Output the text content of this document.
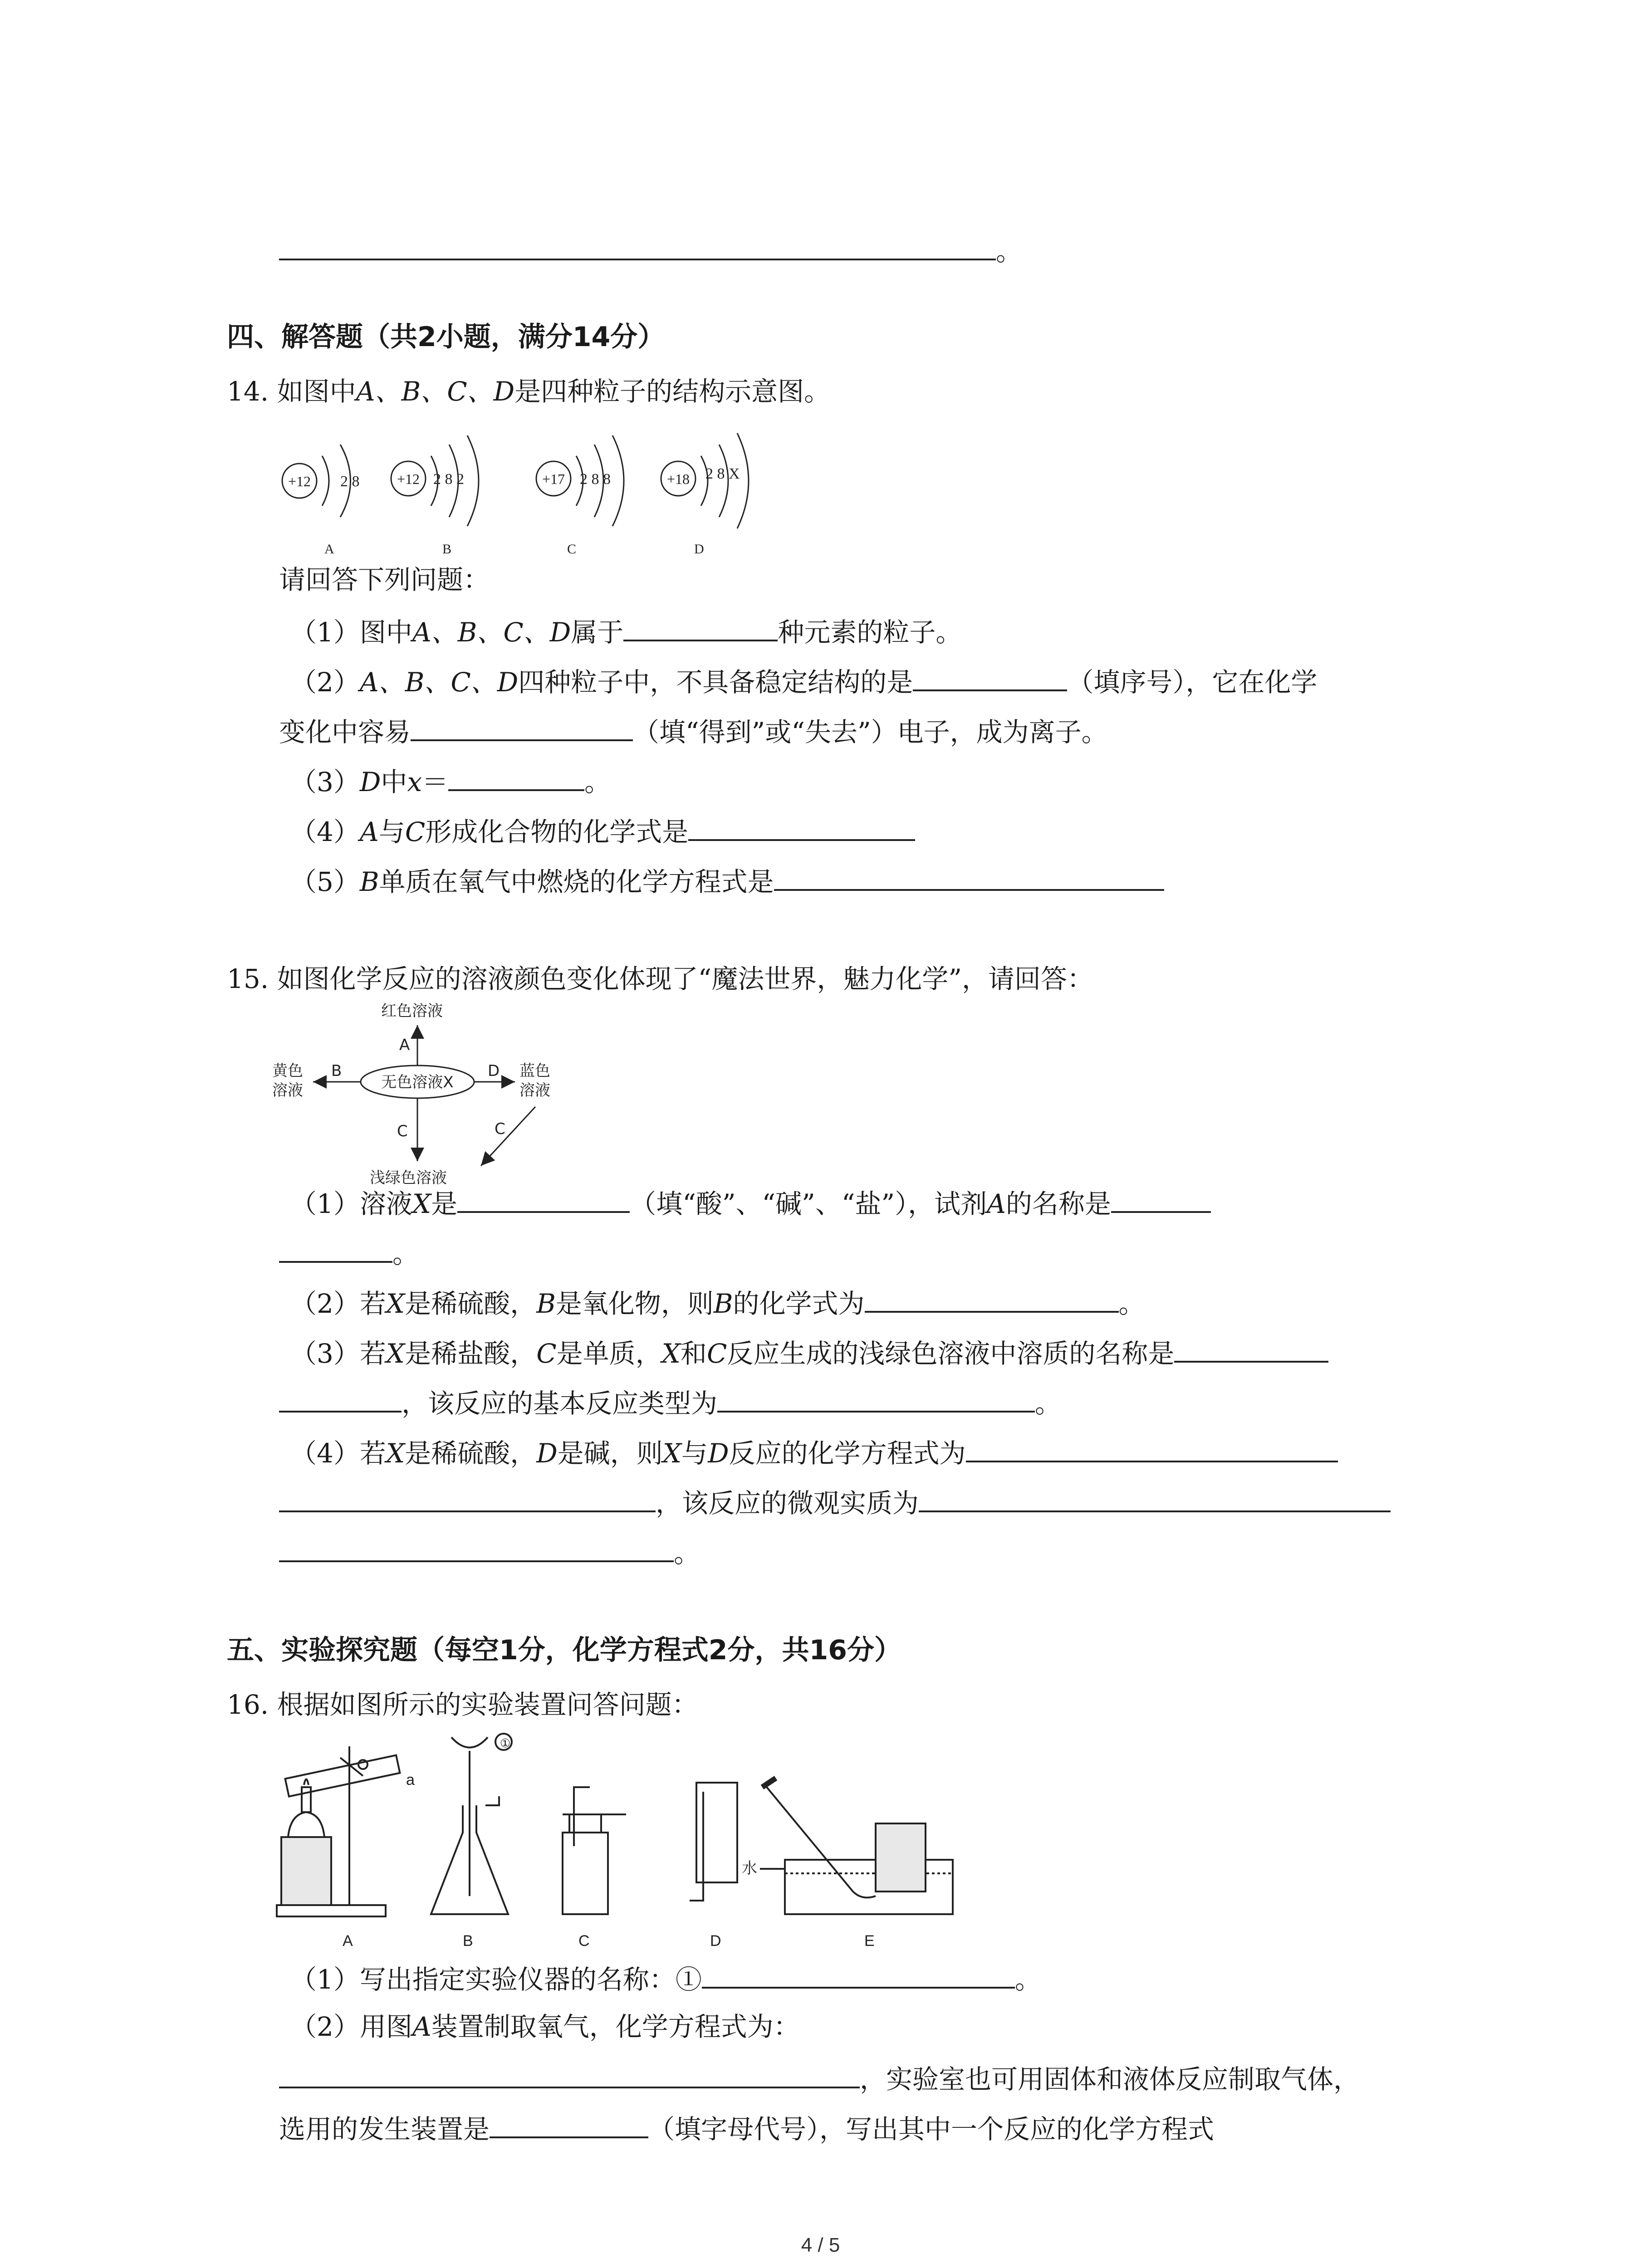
。
四、解答题（共2小题，满分14分）
14. 如图中A、B、C、D是四种粒子的结构示意图。
+12 2 8
A
+12 2 8 2
B
+17 2 8 8
C
+18 2 8 X
D
请回答下列问题：
（1）图中A、B、C、D属于	种元素的粒子。
（2）A、B、C、D四种粒子中，不具备稳定结构的是	（填序号），它在化学
变化中容易	（填“得到”或“失去”）电子，成为离子。
（3）D中x＝	。
（4）A与C形成化合物的化学式是
（5）B单质在氧气中燃烧的化学方程式是
15. 如图化学反应的溶液颜色变化体现了“魔法世界，魅力化学”，请回答：
无色溶液X
红色溶液
A
黄色
溶液
B	蓝色
溶液
D
C	C
浅绿色溶液
（1）溶液X是	（填“酸”、“碱”、“盐”），试剂A的名称是
。
（2）若X是稀硫酸，B是氧化物，则B的化学式为	。
（3）若X是稀盐酸，C是单质，X和C反应生成的浅绿色溶液中溶质的名称是
，该反应的基本反应类型为	。
（4）若X是稀硫酸，D是碱，则X与D反应的化学方程式为
，该反应的微观实质为
。
五、实验探究题（每空1分，化学方程式2分，共16分）
16. 根据如图所示的实验装置问答问题：
a
A
①
B	C	D
水
E
（1）写出指定实验仪器的名称：①	。
（2）用图A装置制取氧气，化学方程式为：
，实验室也可用固体和液体反应制取气体，
选用的发生装置是	（填字母代号），写出其中一个反应的化学方程式
4 / 5
